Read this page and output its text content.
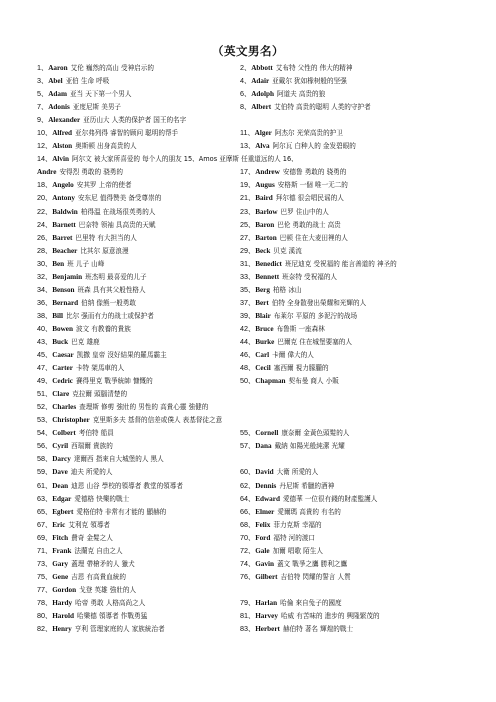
（英文男名）
1、Aaron 艾伦 巍然的高山 受神启示的	2、Abbott 艾布特 父性的 伟大的精神
3、Abel 亚伯 生命 呼吸	4、Adair 亚戴尔 犹如橡树般的坚强
5、Adam 亚当 天下第一个男人	6、Adolph 阿道夫 高贵的狼
7、Adonis 亚度尼斯 美男子	8、Albert 艾伯特 高贵的聪明 人类的守护者
9、Alexander 亚历山大 人类的保护者 国王的名字
10、Alfred 亚尔弗列得 睿智的顾问 聪明的帮手	11、Alger 阿杰尔 光荣高贵的护卫
12、Alston 奥斯顿 出身高贵的人	13、Alva 阿尔瓦 白种人的 金发碧眼的
14、Alvin 阿尔文 被大家所喜爱的 每个人的朋友 15、Amos 亚摩斯 任重道远的人 16、
Andre 安得烈 勇敢的 骁勇的	17、Andrew 安德鲁 勇敢的 骁勇的
18、Angelo 安其罗 上帝的使者	19、Augus 安格斯 一個 唯一无二的
20、Antony 安东尼 值得赞美 备受尊崇的	21、Baird 拜尔德 很会唱民谣的人
22、Baldwin 柏得温 在战场很英勇的人	23、Barlow 巴罗 住山中的人
24、Barnett 巴奈特 领袖 具高贵的天赋	25、Baron 巴伦 勇敢的战士 高贵
26、Barret 巴里特 有大担当的人	27、Barton 巴顿 住在大麦田裡的人
28、Beacher 比其尔 原意浪漫	29、Beck 贝克 溪流
30、Ben 班 儿子 山峰	31、Benedict 班尼迪克 受祝福的 能言善道的 神圣的
32、Benjamin 班杰明 最喜爱的儿子	33、Bennett 班奈特 受祝福的人
34、Benson 班森 具有其父般性格人	35、Berg 柏格 冰山
36、Bernard 伯纳 像熊一般勇敢	37、Bert 伯特 全身散發出榮耀和光輝的人
38、Bill 比尔 强而有力的战士或保护者	39、Blair 布莱尔 平原的 多泥泞的战场
40、Bowen 波文 有教養的貴族	42、Bruce 布鲁斯 一座森林
43、Buck 巴克 雄鹿	44、Burke 巴爾克 住在城堡要塞的人
45、Caesar 凯撒 皇帝 沒好結果的羅馬霸主	46、Carl 卡爾 偉大的人
47、Carter 卡特 架馬車的人	48、Cecil 塞西爾 視力朦朧的
49、Cedric 賽得里克 戰爭統帥 慷慨的	50、Chapman 契布曼 商人 小販
51、Clare 克拉爾 頭腦清楚的
52、Charles 查理斯 修剪 強壯的 男性的 高貴心靈 強健的
53、Christopher 克里斯多夫 基督的信差或僕人 表基督徒之意
54、Colbert 考伯特 船員	55、Cornell 康奈爾 金黃色頭髮的人
56、Cyril 西瑞爾 貴族的	57、Dana 戴納 如陽光般純潔 光耀
58、Darcy 達爾西 指來自大城堡的人 黑人
59、Dave 迪夫 所愛的人	60、David 大衛 所愛的人
61、Dean 迪恩 山谷 學校的領導者 教堂的領導者	62、Dennis 丹尼斯 希臘的酒神
63、Edgar 愛德格 快樂的戰士	64、Edward 愛德華 一位很有錢的財產監護人
65、Egbert 愛格伯特 非常有才能的 顯赫的	66、Elmer 愛爾瑪 高貴的 有名的
67、Eric 艾利克 領導者	68、Felix 菲力克斯 幸福的
69、Fitch 費奇 金髮之人	70、Ford 福特 河的渡口
71、Frank 法蘭克 自由之人	72、Gale 加爾 唱歌 陌生人
73、Gary 蓋理 帶槍矛的人 獵犬	74、Gavin 蓋文 戰爭之鷹 勝利之鷹
75、Gene 吉恩 有高貴血統的	76、Gilbert 吉伯特 閃耀的誓言 人質
77、Gordon 戈登 英雄 強壯的人
78、Hardy 哈帝 勇敢 人格高尚之人	79、Harlan 哈倫 來自兔子的國度
80、Harold 哈樂德 領導者 作戰勇猛	81、Harvey 哈威 有苦味的 進步的 興隆繁茂的
82、Henry 亨利 管理家庭的人 家族統治者	83、Herbert 赫伯特 著名 輝煌的戰士
